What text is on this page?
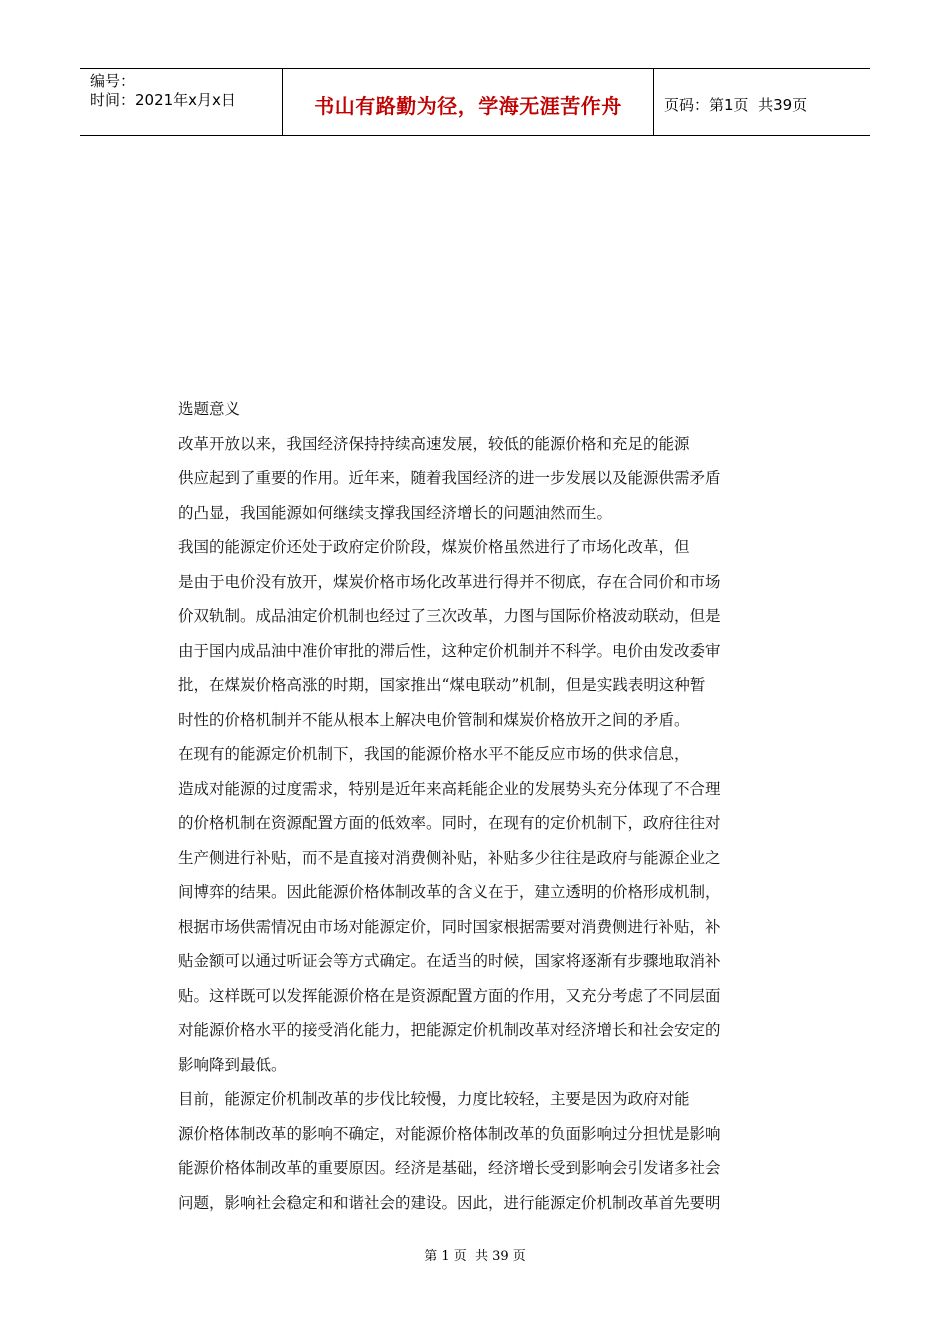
编号：
时间：2021年x月x日	书山有路勤为径，学海无涯苦作舟	页码：第1页  共39页
选题意义
改革开放以来，我国经济保持持续高速发展，较低的能源价格和充足的能源
供应起到了重要的作用。近年来，随着我国经济的进一步发展以及能源供需矛盾
的凸显，我国能源如何继续支撑我国经济增长的问题油然而生。
我国的能源定价还处于政府定价阶段，煤炭价格虽然进行了市场化改革，但
是由于电价没有放开，煤炭价格市场化改革进行得并不彻底，存在合同价和市场
价双轨制。成品油定价机制也经过了三次改革，力图与国际价格波动联动，但是
由于国内成品油中准价审批的滞后性，这种定价机制并不科学。电价由发改委审
批，在煤炭价格高涨的时期，国家推出“煤电联动”机制，但是实践表明这种暂
时性的价格机制并不能从根本上解决电价管制和煤炭价格放开之间的矛盾。
在现有的能源定价机制下，我国的能源价格水平不能反应市场的供求信息，
造成对能源的过度需求，特别是近年来高耗能企业的发展势头充分体现了不合理
的价格机制在资源配置方面的低效率。同时，在现有的定价机制下，政府往往对
生产侧进行补贴，而不是直接对消费侧补贴，补贴多少往往是政府与能源企业之
间博弈的结果。因此能源价格体制改革的含义在于，建立透明的价格形成机制，
根据市场供需情况由市场对能源定价，同时国家根据需要对消费侧进行补贴，补
贴金额可以通过听证会等方式确定。在适当的时候，国家将逐渐有步骤地取消补
贴。这样既可以发挥能源价格在是资源配置方面的作用，又充分考虑了不同层面
对能源价格水平的接受消化能力，把能源定价机制改革对经济增长和社会安定的
影响降到最低。
目前，能源定价机制改革的步伐比较慢，力度比较轻，主要是因为政府对能
源价格体制改革的影响不确定，对能源价格体制改革的负面影响过分担忧是影响
能源价格体制改革的重要原因。经济是基础，经济增长受到影响会引发诸多社会
问题，影响社会稳定和和谐社会的建设。因此，进行能源定价机制改革首先要明
第 1 页  共 39 页
